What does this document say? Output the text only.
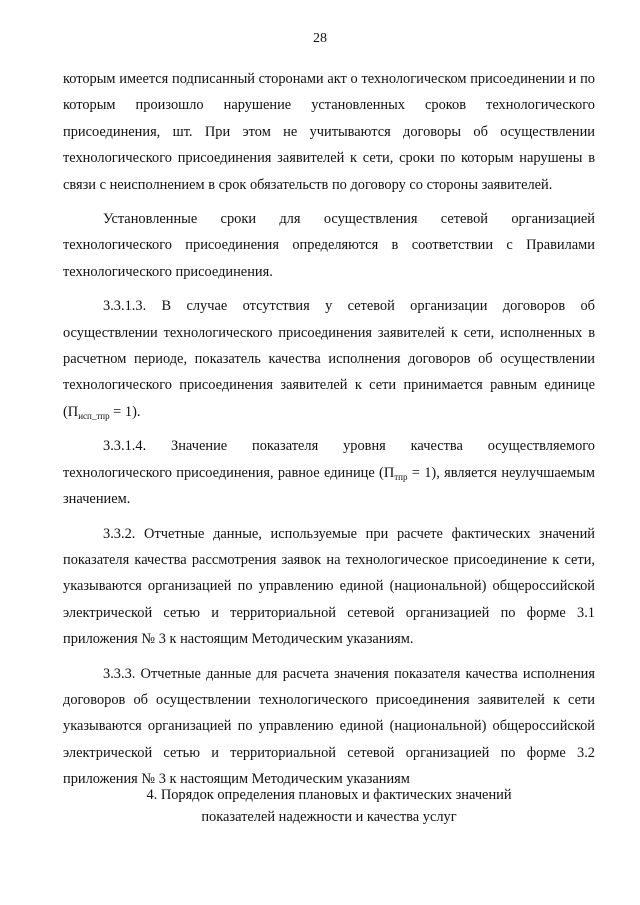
28

которым имеется подписанный сторонами акт о технологическом присоединении и по которым произошло нарушение установленных сроков технологического присоединения, шт. При этом не учитываются договоры об осуществлении технологического присоединения заявителей к сети, сроки по которым нарушены в связи с неисполнением в срок обязательств по договору со стороны заявителей.

Установленные сроки для осуществления сетевой организацией технологического присоединения определяются в соответствии с Правилами технологического присоединения.

3.3.1.3. В случае отсутствия у сетевой организации договоров об осуществлении технологического присоединения заявителей к сети, исполненных в расчетном периоде, показатель качества исполнения договоров об осуществлении технологического присоединения заявителей к сети принимается равным единице $(П_{исп\_тпр} = 1)$.

3.3.1.4. Значение показателя уровня качества осуществляемого технологического присоединения, равное единице $(П_{тпр} = 1)$, является неулучшаемым значением.

3.3.2. Отчетные данные, используемые при расчете фактических значений показателя качества рассмотрения заявок на технологическое присоединение к сети, указываются организацией по управлению единой (национальной) общероссийской электрической сетью и территориальной сетевой организацией по форме 3.1 приложения № 3 к настоящим Методическим указаниям.

3.3.3. Отчетные данные для расчета значения показателя качества исполнения договоров об осуществлении технологического присоединения заявителей к сети указываются организацией по управлению единой (национальной) общероссийской электрической сетью и территориальной сетевой организацией по форме 3.2 приложения № 3 к настоящим Методическим указаниям

4. Порядок определения плановых и фактических значений
показателей надежности и качества услуг
